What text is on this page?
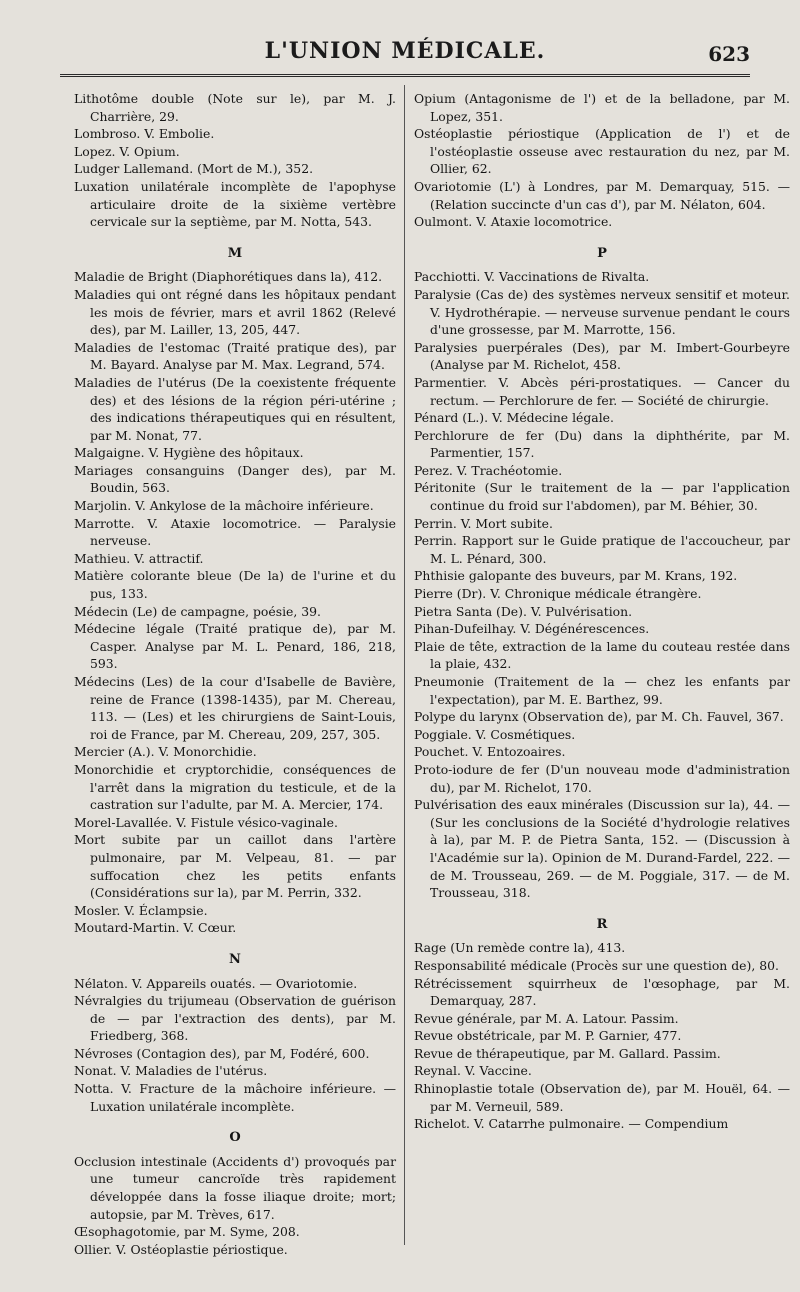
L'UNION MÉDICALE.	623

Lithotôme double (Note sur le), par M. J. Charrière, 29.

Lombroso. V. Embolie.

Lopez. V. Opium.

Ludger Lallemand. (Mort de M.), 352.

Luxation unilatérale incomplète de l'apophyse articulaire droite de la sixième vertèbre cervicale sur la septième, par M. Notta, 543.

M

Maladie de Bright (Diaphorétiques dans la), 412.

Maladies qui ont régné dans les hôpitaux pendant les mois de février, mars et avril 1862 (Relevé des), par M. Lailler, 13, 205, 447.

Maladies de l'estomac (Traité pratique des), par M. Bayard. Analyse par M. Max. Legrand, 574.

Maladies de l'utérus (De la coexistente fréquente des) et des lésions de la région péri-utérine ; des indications thérapeutiques qui en résultent, par M. Nonat, 77.

Malgaigne. V. Hygiène des hôpitaux.

Mariages consanguins (Danger des), par M. Boudin, 563.

Marjolin. V. Ankylose de la mâchoire inférieure.

Marrotte. V. Ataxie locomotrice. — Paralysie nerveuse.

Mathieu. V. attractif.

Matière colorante bleue (De la) de l'urine et du pus, 133.

Médecin (Le) de campagne, poésie, 39.

Médecine légale (Traité pratique de), par M. Casper. Analyse par M. L. Penard, 186, 218, 593.

Médecins (Les) de la cour d'Isabelle de Bavière, reine de France (1398-1435), par M. Chereau, 113. — (Les) et les chirurgiens de Saint-Louis, roi de France, par M. Chereau, 209, 257, 305.

Mercier (A.). V. Monorchidie.

Monorchidie et cryptorchidie, conséquences de l'arrêt dans la migration du testicule, et de la castration sur l'adulte, par M. A. Mercier, 174.

Morel-Lavallée. V. Fistule vésico-vaginale.

Mort subite par un caillot dans l'artère pulmonaire, par M. Velpeau, 81. — par suffocation chez les petits enfants (Considérations sur la), par M. Perrin, 332.

Mosler. V. Éclampsie.

Moutard-Martin. V. Cœur.

N

Nélaton. V. Appareils ouatés. — Ovariotomie.

Névralgies du trijumeau (Observation de guérison de — par l'extraction des dents), par M. Friedberg, 368.

Névroses (Contagion des), par M, Fodéré, 600.

Nonat. V. Maladies de l'utérus.

Notta. V. Fracture de la mâchoire inférieure. — Luxation unilatérale incomplète.

O

Occlusion intestinale (Accidents d') provoqués par une tumeur cancroïde très rapidement développée dans la fosse iliaque droite; mort; autopsie, par M. Trèves, 617.

Œsophagotomie, par M. Syme, 208.

Ollier. V. Ostéoplastie périostique.

Opium (Antagonisme de l') et de la belladone, par M. Lopez, 351.

Ostéoplastie périostique (Application de l') et de l'ostéoplastie osseuse avec restauration du nez, par M. Ollier, 62.

Ovariotomie (L') à Londres, par M. Demarquay, 515. — (Relation succincte d'un cas d'), par M. Nélaton, 604.

Oulmont. V. Ataxie locomotrice.

P

Pacchiotti. V. Vaccinations de Rivalta.

Paralysie (Cas de) des systèmes nerveux sensitif et moteur. V. Hydrothérapie. — nerveuse survenue pendant le cours d'une grossesse, par M. Marrotte, 156.

Paralysies puerpérales (Des), par M. Imbert-Gourbeyre (Analyse par M. Richelot, 458.

Parmentier. V. Abcès péri-prostatiques. — Cancer du rectum. — Perchlorure de fer. — Société de chirurgie.

Pénard (L.). V. Médecine légale.

Perchlorure de fer (Du) dans la diphthérite, par M. Parmentier, 157.

Perez. V. Trachéotomie.

Péritonite (Sur le traitement de la — par l'application continue du froid sur l'abdomen), par M. Béhier, 30.

Perrin. V. Mort subite.

Perrin. Rapport sur le Guide pratique de l'accoucheur, par M. L. Pénard, 300.

Phthisie galopante des buveurs, par M. Krans, 192.

Pierre (Dr). V. Chronique médicale étrangère.

Pietra Santa (De). V. Pulvérisation.

Pihan-Dufeilhay. V. Dégénérescences.

Plaie de tête, extraction de la lame du couteau restée dans la plaie, 432.

Pneumonie (Traitement de la — chez les enfants par l'expectation), par M. E. Barthez, 99.

Polype du larynx (Observation de), par M. Ch. Fauvel, 367.

Poggiale. V. Cosmétiques.

Pouchet. V. Entozoaires.

Proto-iodure de fer (D'un nouveau mode d'administration du), par M. Richelot, 170.

Pulvérisation des eaux minérales (Discussion sur la), 44. — (Sur les conclusions de la Société d'hydrologie relatives à la), par M. P. de Pietra Santa, 152. — (Discussion à l'Académie sur la). Opinion de M. Durand-Fardel, 222. — de M. Trousseau, 269. — de M. Poggiale, 317. — de M. Trousseau, 318.

R

Rage (Un remède contre la), 413.

Responsabilité médicale (Procès sur une question de), 80.

Rétrécissement squirrheux de l'œsophage, par M. Demarquay, 287.

Revue générale, par M. A. Latour. Passim.

Revue obstétricale, par M. P. Garnier, 477.

Revue de thérapeutique, par M. Gallard. Passim.

Reynal. V. Vaccine.

Rhinoplastie totale (Observation de), par M. Houël, 64. — par M. Verneuil, 589.

Richelot. V. Catarrhe pulmonaire. — Compendium
